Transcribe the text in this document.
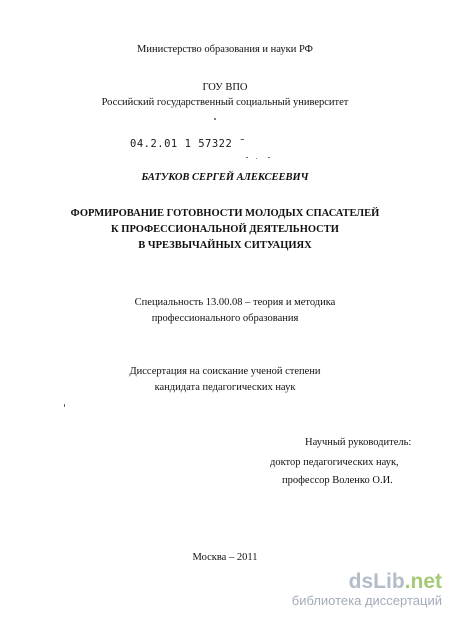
Министерство образования и науки РФ
ГОУ ВПО
Российский государственный социальный университет
04.2.01 1 57322 ˉ
БАТУКОВ СЕРГЕЙ АЛЕКСЕЕВИЧ
ФОРМИРОВАНИЕ ГОТОВНОСТИ МОЛОДЫХ СПАСАТЕЛЕЙ
К ПРОФЕССИОНАЛЬНОЙ ДЕЯТЕЛЬНОСТИ
В ЧРЕЗВЫЧАЙНЫХ СИТУАЦИЯХ
Специальность 13.00.08 – теория и методика
профессионального образования
Диссертация на соискание ученой степени
кандидата педагогических наук
Научный руководитель:
доктор педагогических наук,
профессор Воленко О.И.
Москва – 2011
dsLib.net
библиотека диссертаций
